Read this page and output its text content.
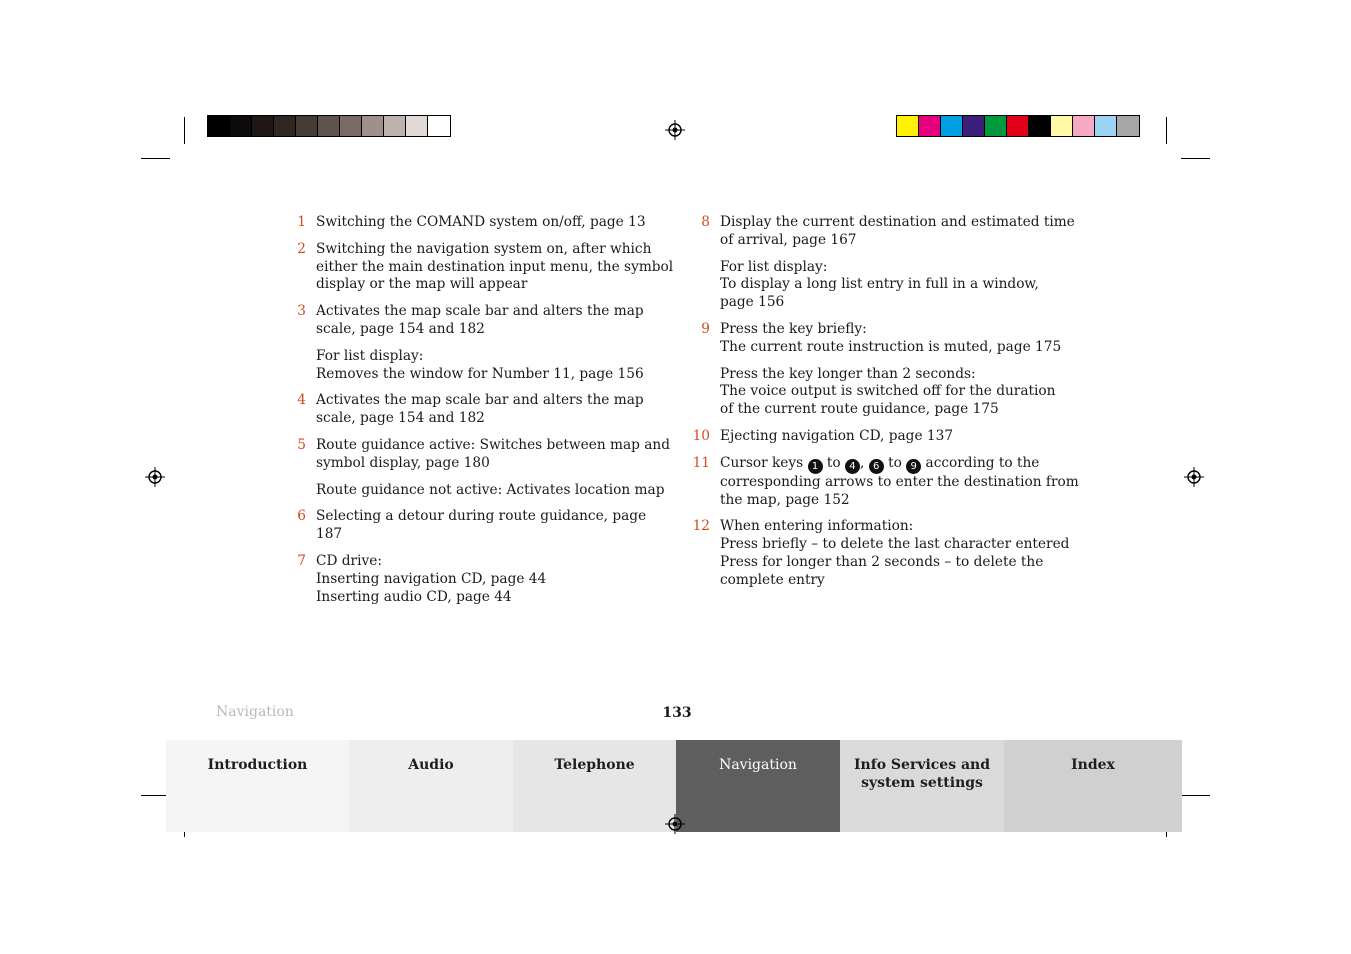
1 Switching the COMAND system on/off, page 13
2 Switching the navigation system on, after which
either the main destination input menu, the symbol
display or the map will appear
3 Activates the map scale bar and alters the map
scale, page 154 and 182
For list display:
Removes the window for Number 11, page 156
4 Activates the map scale bar and alters the map
scale, page 154 and 182
5 Route guidance active: Switches between map and
symbol display, page 180
Route guidance not active: Activates location map
6 Selecting a detour during route guidance, page 187
7 CD drive:
Inserting navigation CD, page 44
Inserting audio CD, page 44
8 Display the current destination and estimated time
of arrival, page 167
For list display:
To display a long list entry in full in a window,
page 156
9 Press the key briefly:
The current route instruction is muted, page 175
Press the key longer than 2 seconds:
The voice output is switched off for the duration
of the current route guidance, page 175
10 Ejecting navigation CD, page 137
11 Cursor keys 1 to 4 , 6 to 9 according to the
corresponding arrows to enter the destination from
the map, page 152
12 When entering information:
Press briefly – to delete the last character entered
Press for longer than 2 seconds – to delete the
complete entry
Navigation	133
Introduction	Audio	Telephone	Navigation	Info Services and
system settings
Index
